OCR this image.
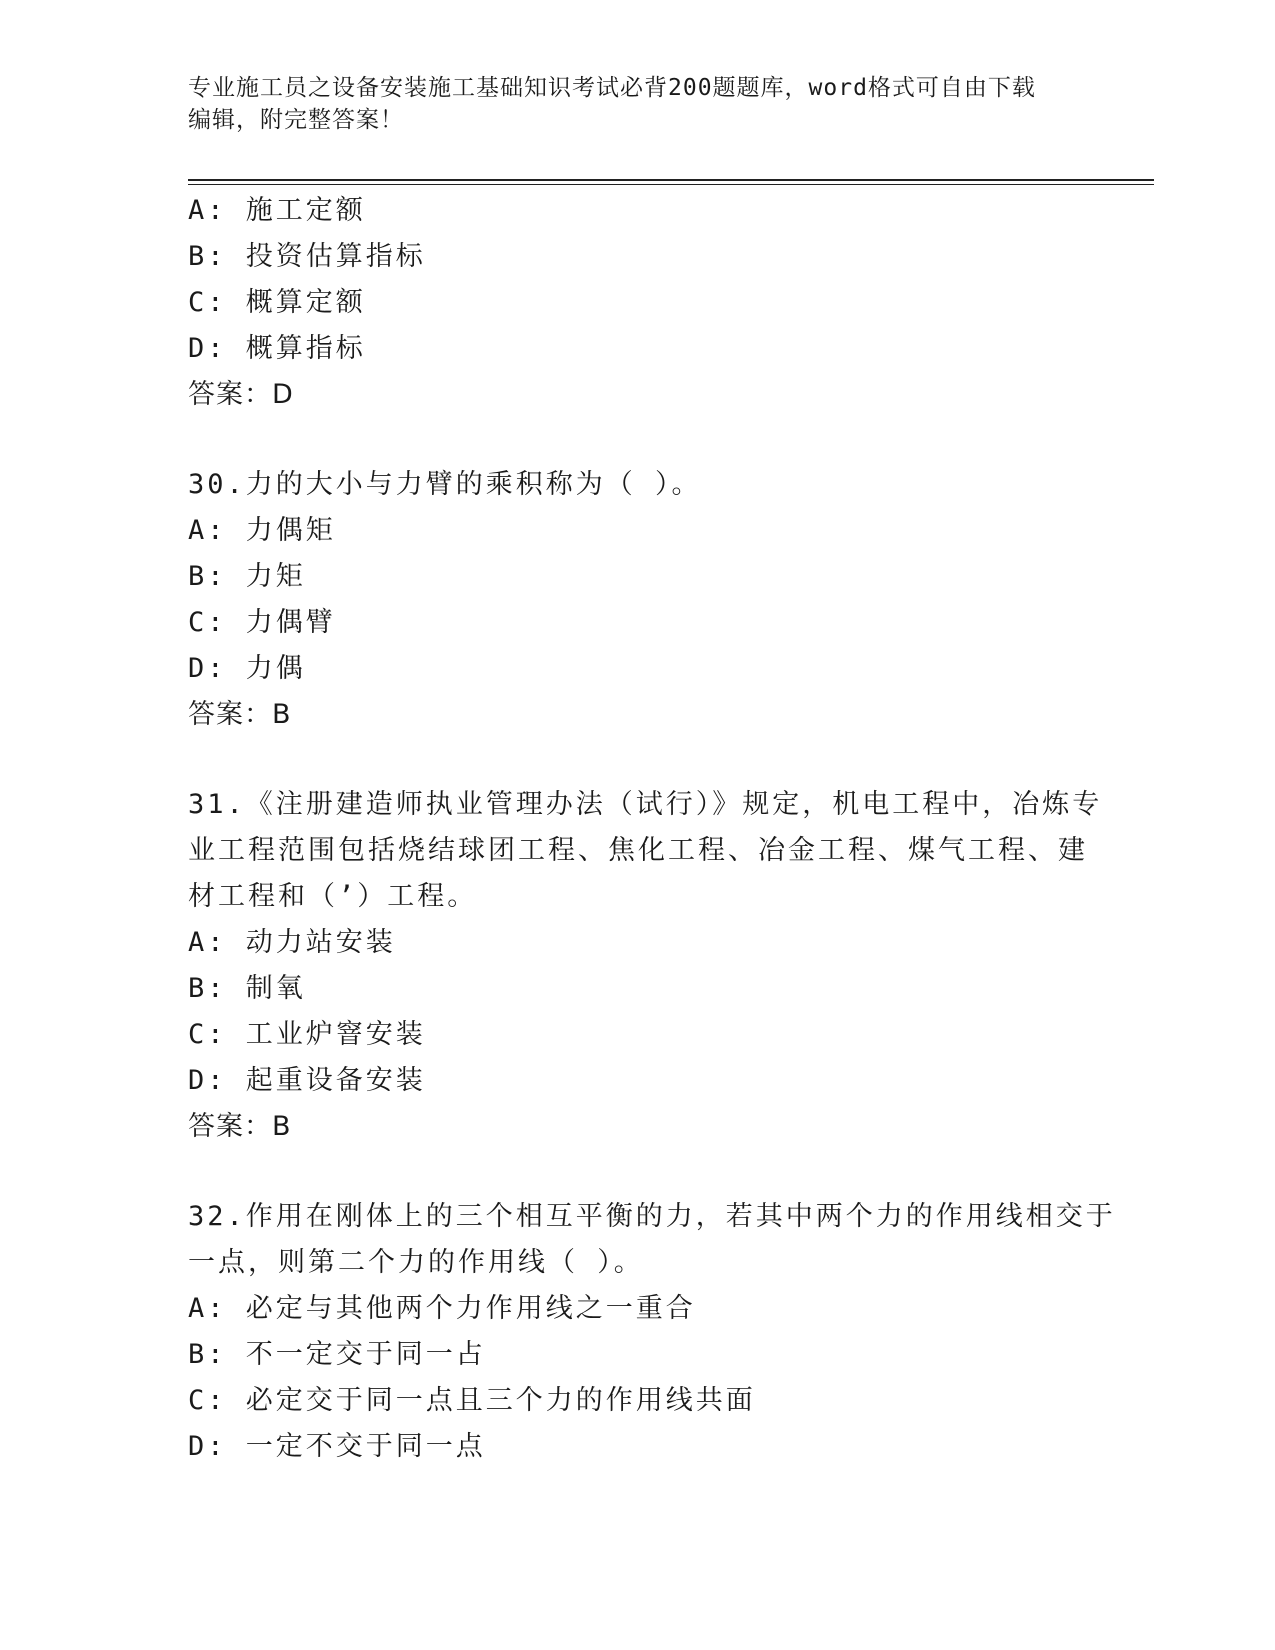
专业施工员之设备安装施工基础知识考试必背200题题库，word格式可自由下载
编辑，附完整答案！
A: 施工定额
B: 投资估算指标
C: 概算定额
D: 概算指标
答案：D
30.力的大小与力臂的乘积称为（ ）。
A: 力偶矩
B: 力矩
C: 力偶臂
D: 力偶
答案：B
31.《注册建造师执业管理办法（试行）》规定，机电工程中，冶炼专
业工程范围包括烧结球团工程、焦化工程、冶金工程、煤气工程、建
材工程和（’）工程。
A: 动力站安装
B: 制氧
C: 工业炉窨安装
D: 起重设备安装
答案：B
32.作用在刚体上的三个相互平衡的力，若其中两个力的作用线相交于
一点，则第二个力的作用线（ ）。
A: 必定与其他两个力作用线之一重合
B: 不一定交于同一占
C: 必定交于同一点且三个力的作用线共面
D: 一定不交于同一点
